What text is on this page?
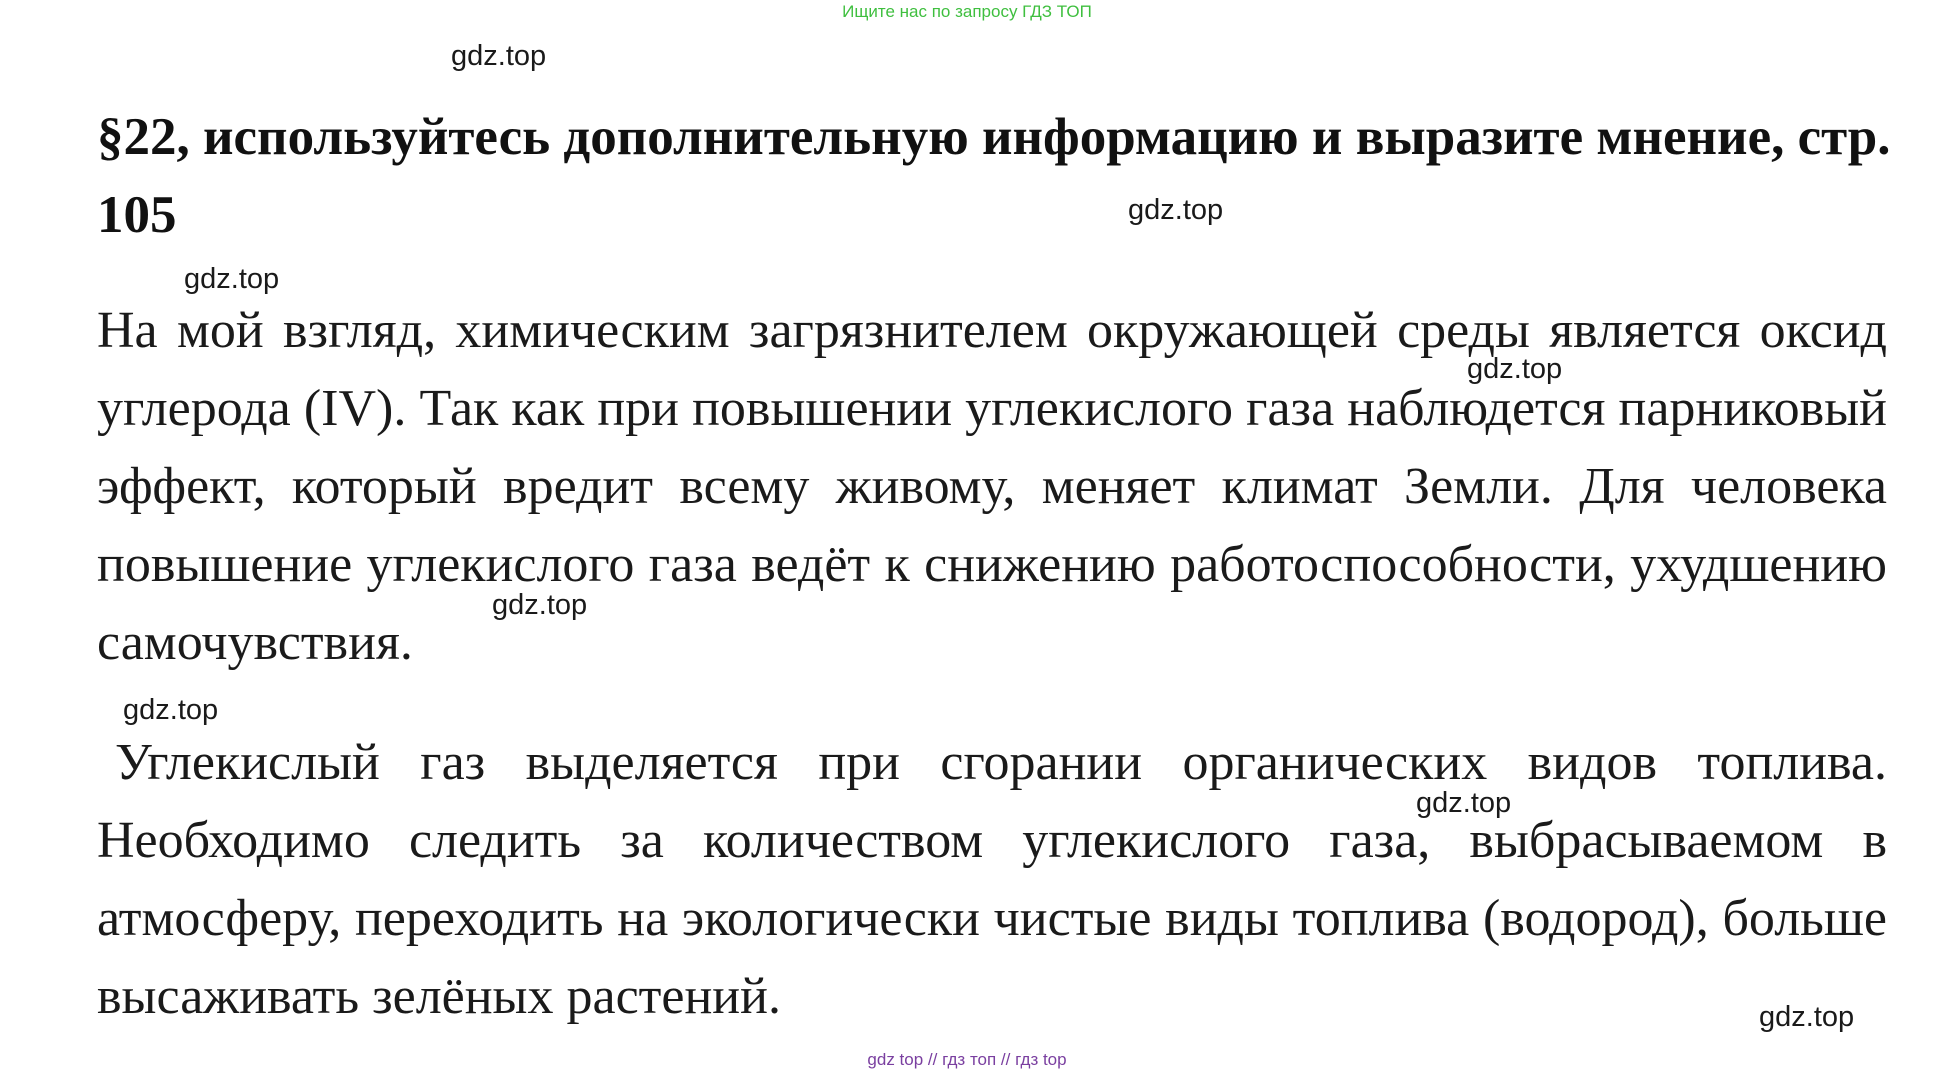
Ищите нас по запросу ГДЗ ТОП
§22, используйтесь дополнительную информацию и выразите мнение, стр. 105

На мой взгляд, химическим загрязнителем окружающей среды является оксид углерода (IV). Так как при повышении углекислого газа наблюдется парниковый эффект, который вредит всему живому, меняет климат Земли. Для человека повышение углекислого газа ведёт к снижению работоспособности, ухудшению самочувствия.

Углекислый газ выделяется при сгорании органических видов топлива. Необходимо следить за количеством углекислого газа, выбрасываемом в атмосферу, переходить на экологически чистые виды топлива (водород), больше высаживать зелёных растений.

gdz.top
gdz.top
gdz.top
gdz.top
gdz.top
gdz.top
gdz.top
gdz.top
gdz top // гдз топ // гдз top
